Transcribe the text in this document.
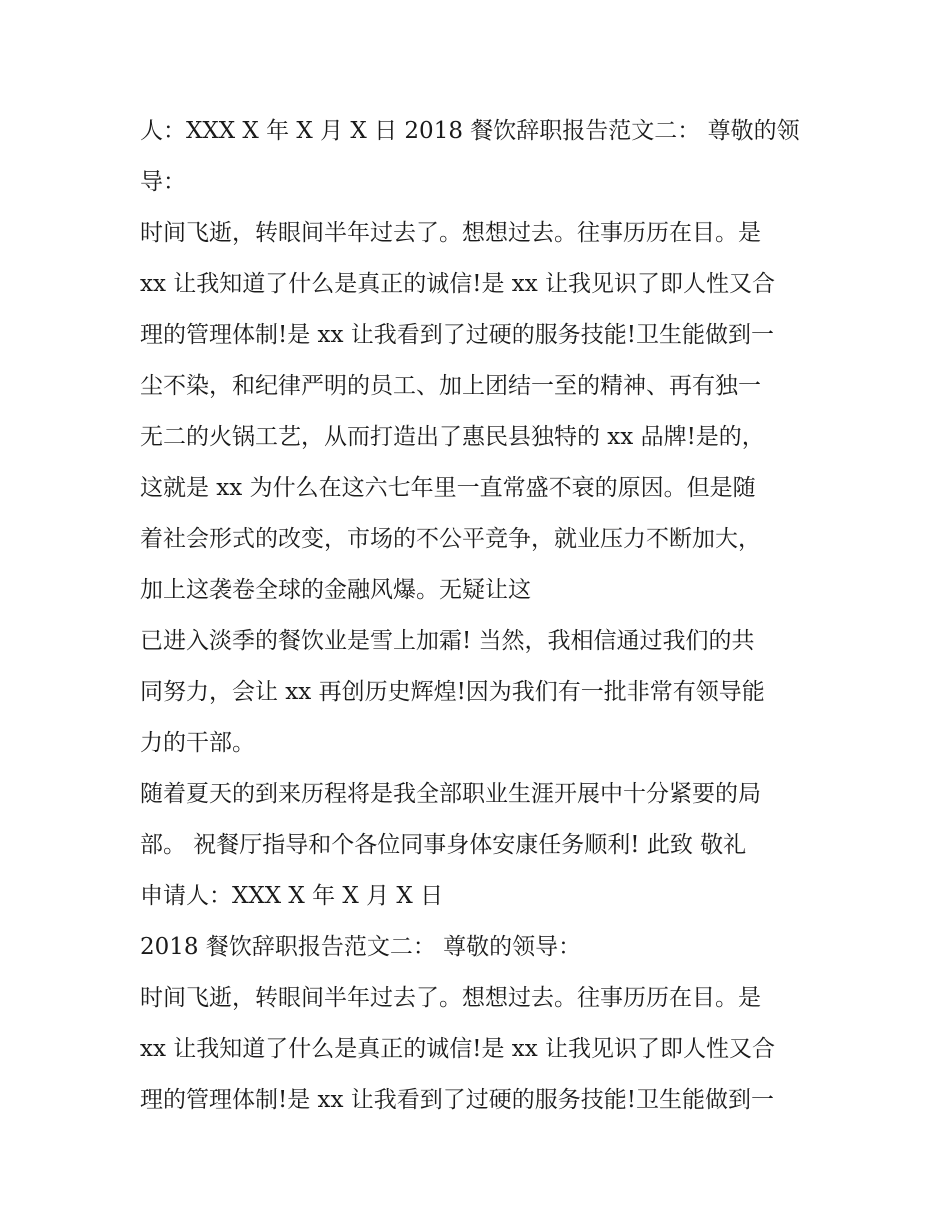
人：XXX X 年 X 月 X 日 2018 餐饮辞职报告范文二： 尊敬的领
导：
时间飞逝，转眼间半年过去了。想想过去。往事历历在目。是
xx 让我知道了什么是真正的诚信!是 xx 让我见识了即人性又合
理的管理体制!是 xx 让我看到了过硬的服务技能!卫生能做到一
尘不染，和纪律严明的员工、加上团结一至的精神、再有独一
无二的火锅工艺，从而打造出了惠民县独特的 xx 品牌!是的，
这就是 xx 为什么在这六七年里一直常盛不衰的原因。但是随
着社会形式的改变，市场的不公平竞争，就业压力不断加大，
加上这袭卷全球的金融风爆。无疑让这
已进入淡季的餐饮业是雪上加霜! 当然，我相信通过我们的共
同努力，会让 xx 再创历史辉煌!因为我们有一批非常有领导能
力的干部。
随着夏天的到来历程将是我全部职业生涯开展中十分紧要的局
部。 祝餐厅指导和个各位同事身体安康任务顺利! 此致 敬礼
申请人：XXX X 年 X 月 X 日
2018 餐饮辞职报告范文二： 尊敬的领导：
时间飞逝，转眼间半年过去了。想想过去。往事历历在目。是
xx 让我知道了什么是真正的诚信!是 xx 让我见识了即人性又合
理的管理体制!是 xx 让我看到了过硬的服务技能!卫生能做到一
